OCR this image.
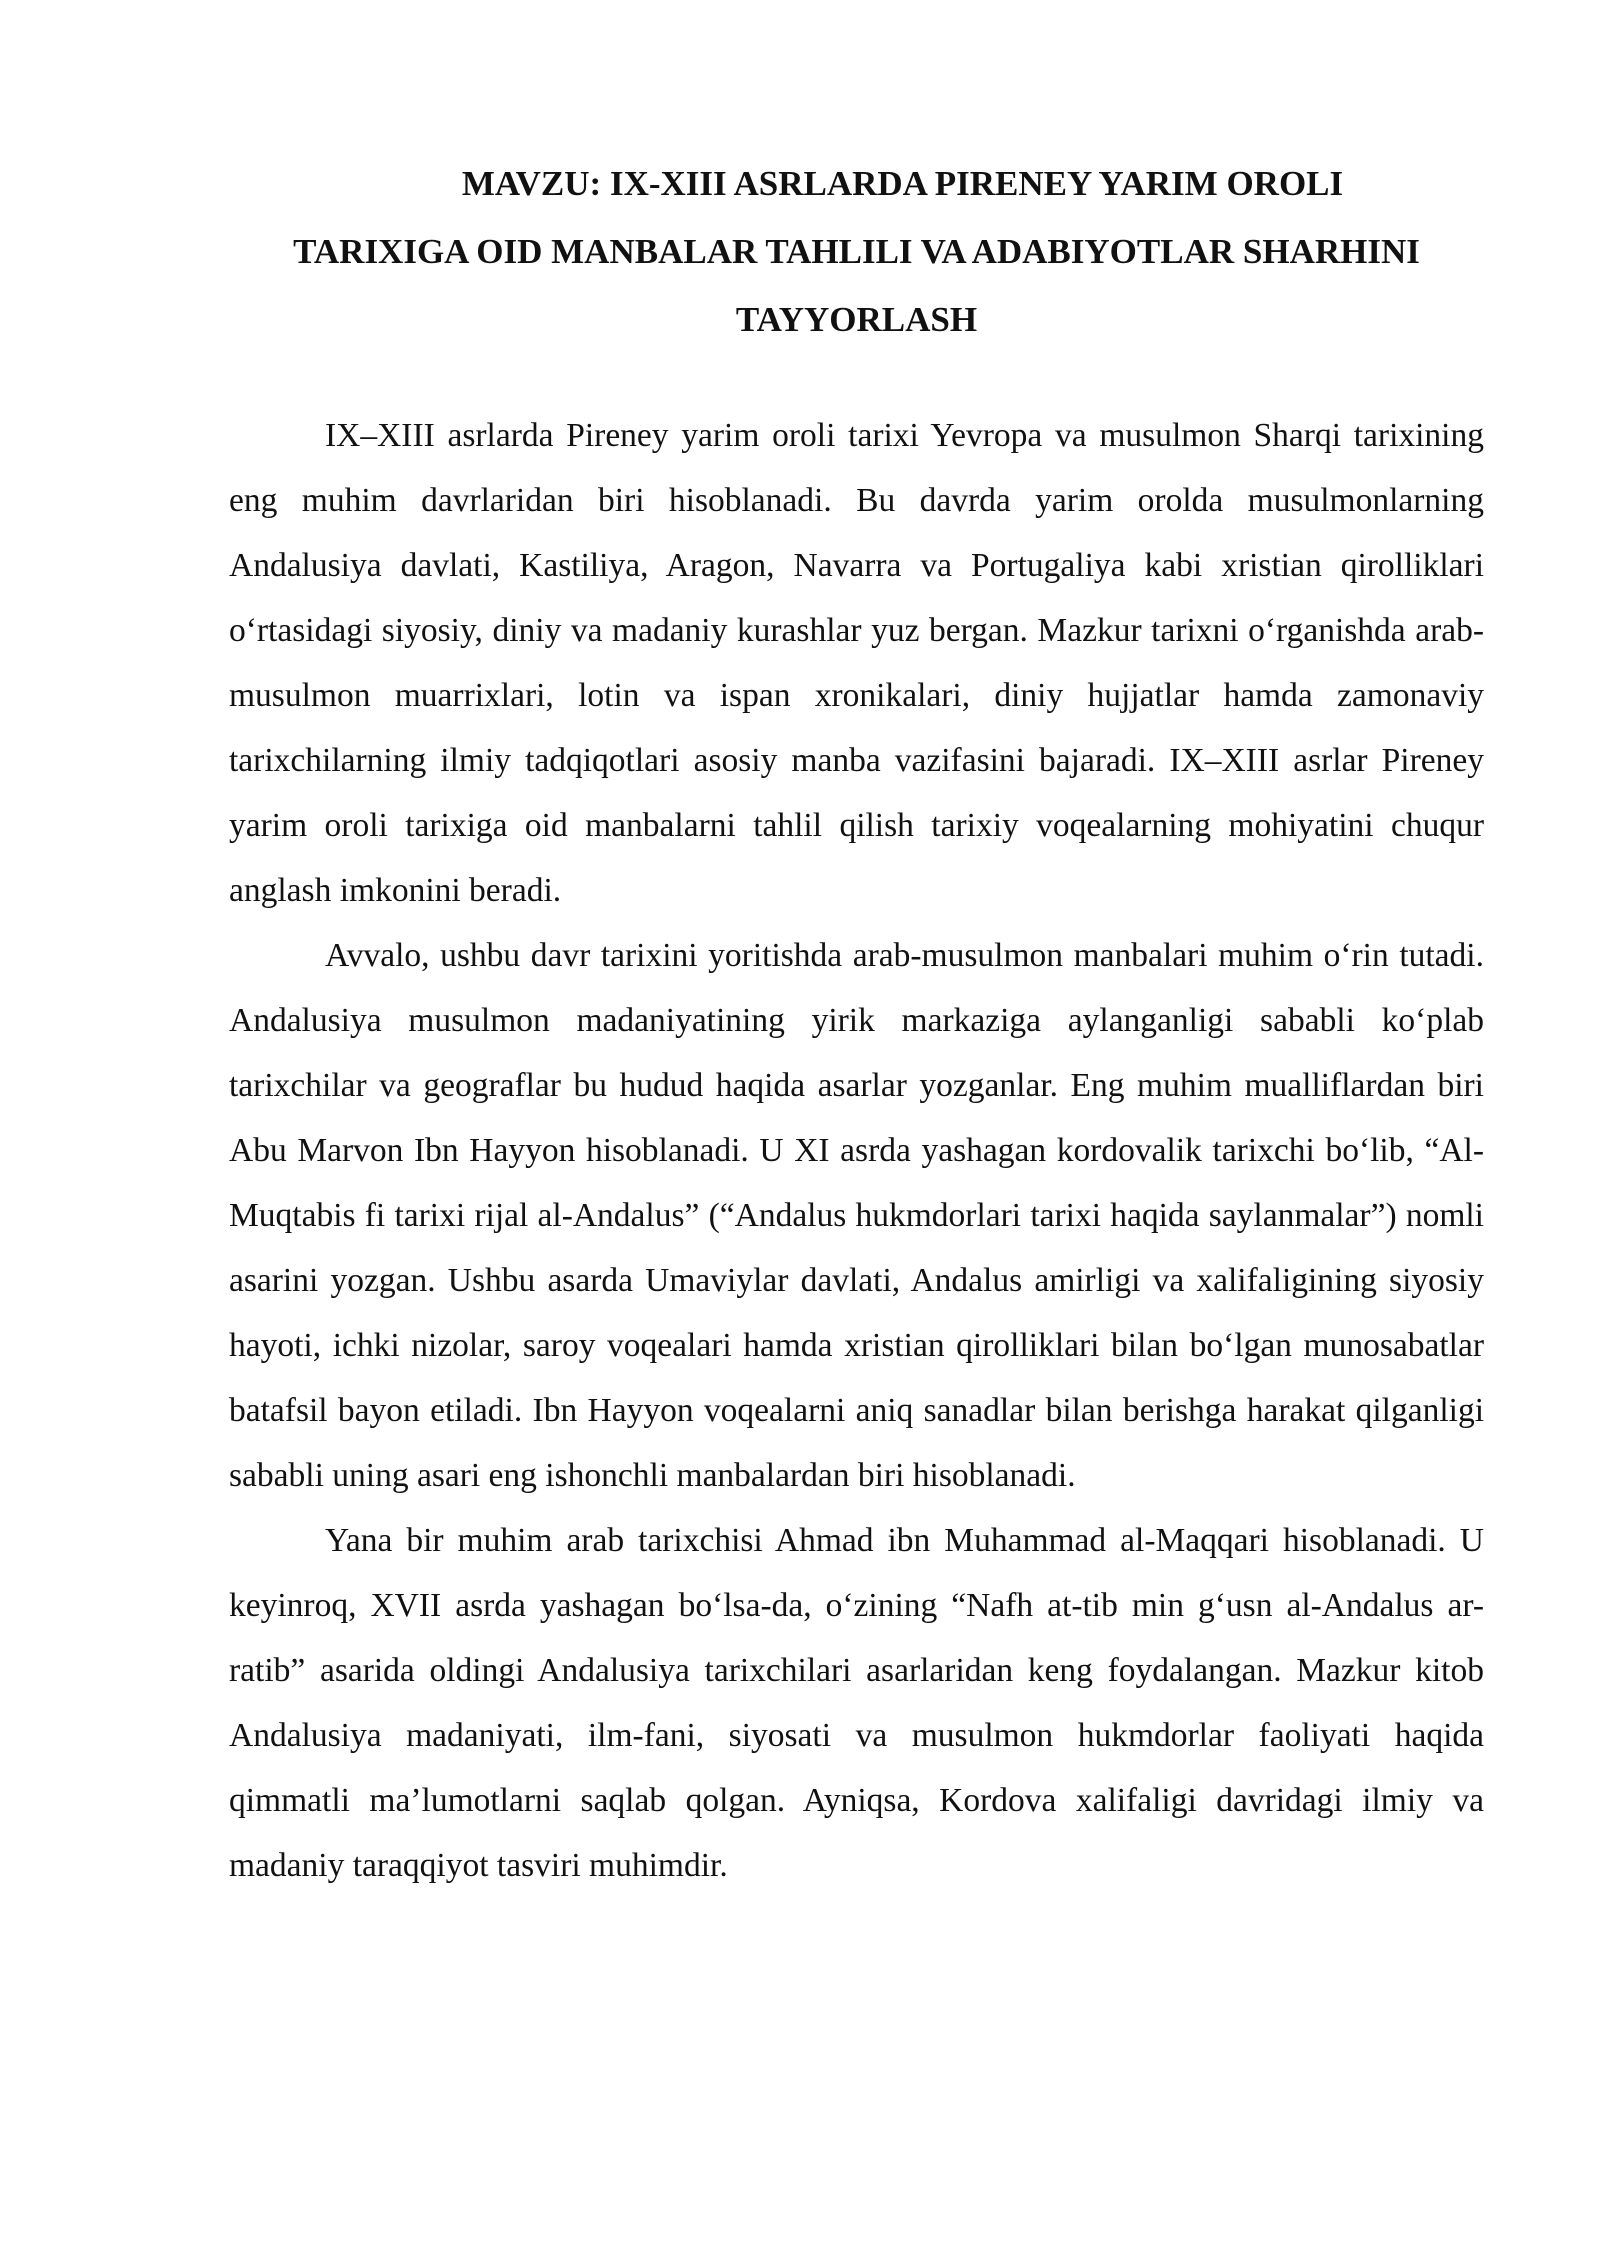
MAVZU: IX-XIII ASRLARDA PIRENEY YARIM OROLI
TARIXIGA OID MANBALAR TAHLILI VA ADABIYOTLAR SHARHINI
TAYYORLASH

IX–XIII asrlarda Pireney yarim oroli tarixi Yevropa va musulmon Sharqi tarixining eng muhim davrlaridan biri hisoblanadi. Bu davrda yarim orolda musulmonlarning Andalusiya davlati, Kastiliya, Aragon, Navarra va Portugaliya kabi xristian qirolliklari o‘rtasidagi siyosiy, diniy va madaniy kurashlar yuz bergan. Mazkur tarixni o‘rganishda arab-musulmon muarrixlari, lotin va ispan xronikalari, diniy hujjatlar hamda zamonaviy tarixchilarning ilmiy tadqiqotlari asosiy manba vazifasini bajaradi. IX–XIII asrlar Pireney yarim oroli tarixiga oid manbalarni tahlil qilish tarixiy voqealarning mohiyatini chuqur anglash imkonini beradi.

Avvalo, ushbu davr tarixini yoritishda arab-musulmon manbalari muhim o‘rin tutadi. Andalusiya musulmon madaniyatining yirik markaziga aylanganligi sababli ko‘plab tarixchilar va geograflar bu hudud haqida asarlar yozganlar. Eng muhim mualliflardan biri Abu Marvon Ibn Hayyon hisoblanadi. U XI asrda yashagan kordovalik tarixchi bo‘lib, “Al-Muqtabis fi tarixi rijal al-Andalus” (“Andalus hukmdorlari tarixi haqida saylanmalar”) nomli asarini yozgan. Ushbu asarda Umaviylar davlati, Andalus amirligi va xalifaligining siyosiy hayoti, ichki nizolar, saroy voqealari hamda xristian qirolliklari bilan bo‘lgan munosabatlar batafsil bayon etiladi. Ibn Hayyon voqealarni aniq sanadlar bilan berishga harakat qilganligi sababli uning asari eng ishonchli manbalardan biri hisoblanadi.

Yana bir muhim arab tarixchisi Ahmad ibn Muhammad al-Maqqari hisoblanadi. U keyinroq, XVII asrda yashagan bo‘lsa-da, o‘zining “Nafh at-tib min g‘usn al-Andalus ar-ratib” asarida oldingi Andalusiya tarixchilari asarlaridan keng foydalangan. Mazkur kitob Andalusiya madaniyati, ilm-fani, siyosati va musulmon hukmdorlar faoliyati haqida qimmatli ma’lumotlarni saqlab qolgan. Ayniqsa, Kordova xalifaligi davridagi ilmiy va madaniy taraqqiyot tasviri muhimdir.
